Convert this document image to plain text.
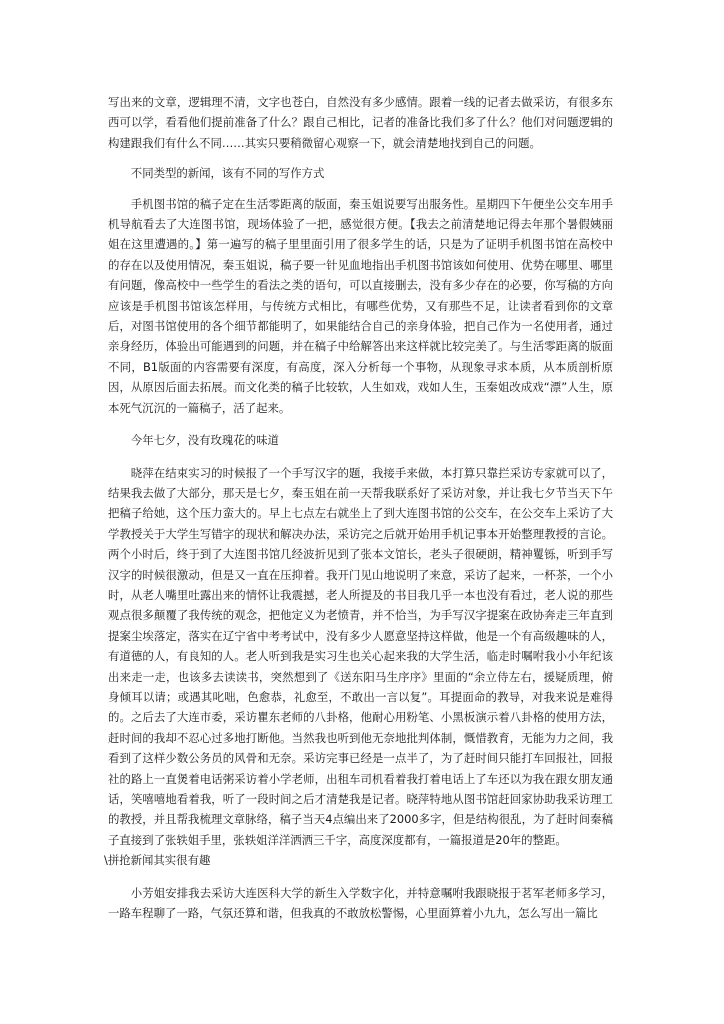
写出来的文章，逻辑理不清，文字也苍白，自然没有多少感情。跟着一线的记者去做采访，有很多东西可以学，看看他们提前准备了什么？跟自己相比，记者的准备比我们多了什么？他们对问题逻辑的构建跟我们有什么不同……其实只要稍微留心观察一下，就会清楚地找到自己的问题。

不同类型的新闻，该有不同的写作方式

手机图书馆的稿子定在生活零距离的版面，秦玉姐说要写出服务性。星期四下午便坐公交车用手机导航看去了大连图书馆，现场体验了一把，感觉很方便。【我去之前清楚地记得去年那个暑假姨丽姐在这里遭遇的。】第一遍写的稿子里里面引用了很多学生的话，只是为了证明手机图书馆在高校中的存在以及使用情况，秦玉姐说，稿子要一针见血地指出手机图书馆该如何使用、优势在哪里、哪里有问题，像高校中一些学生的看法之类的语句，可以直接删去，没有多少存在的必要，你写稿的方向应该是手机图书馆该怎样用，与传统方式相比，有哪些优势，又有那些不足，让读者看到你的文章后，对图书馆使用的各个细节都能明了，如果能结合自己的亲身体验，把自己作为一名使用者，通过亲身经历，体验出可能遇到的问题，并在稿子中给解答出来这样就比较完美了。与生活零距离的版面不同，B1版面的内容需要有深度，有高度，深入分析每一个事物，从现象寻求本质，从本质剖析原因，从原因后面去拓展。而文化类的稿子比较软，人生如戏，戏如人生，玉秦姐改成戏“漂”人生，原本死气沉沉的一篇稿子，活了起来。

今年七夕，没有玫瑰花的味道

晓萍在结束实习的时候报了一个手写汉字的题，我接手来做，本打算只靠拦采访专家就可以了，结果我去做了大部分，那天是七夕，秦玉姐在前一天帮我联系好了采访对象，并让我七夕节当天下午把稿子给她，这个压力蛮大的。早上七点左右就坐上了到大连图书馆的公交车，在公交车上采访了大学教授关于大学生写错字的现状和解决办法，采访完之后就开始用手机记事本开始整理教授的言论。两个小时后，终于到了大连图书馆几经波折见到了张本文馆长，老头子很硬朗，精神矍铄，听到手写汉字的时候很激动，但是又一直在压抑着。我开门见山地说明了来意，采访了起来，一杯茶，一个小时，从老人嘴里吐露出来的情怀让我震撼，老人所提及的书目我几乎一本也没有看过，老人说的那些观点很多颠覆了我传统的观念，把他定义为老愤青，并不恰当，为手写汉字提案在政协奔走三年直到提案尘埃落定，落实在辽宁省中考考试中，没有多少人愿意坚持这样做，他是一个有高级趣味的人，有道德的人，有良知的人。老人听到我是实习生也关心起来我的大学生活，临走时嘱咐我小小年纪该出来走一走，也该多去读读书，突然想到了《送东阳马生序序》里面的“余立侍左右，援疑质理，俯身倾耳以请；或遇其叱咄，色愈恭，礼愈至，不敢出一言以复”。耳提面命的教导，对我来说是难得的。之后去了大连市委，采访瞿东老师的八卦格，他耐心用粉笔、小黑板演示着八卦格的使用方法，赶时间的我却不忍心过多地打断他。当然我也听到他无奈地批判体制，慨惜教育，无能为力之间，我看到了这样少数公务员的风骨和无奈。采访完事已经是一点半了，为了赶时间只能打车回报社，回报社的路上一直煲着电话粥采访着小学老师，出租车司机看着我打着电话上了车还以为我在跟女朋友通话，笑嘻嘻地看着我，听了一段时间之后才清楚我是记者。晓萍特地从图书馆赶回家协助我采访理工的教授，并且帮我梳理文章脉络，稿子当天4点编出来了2000多字，但是结构很乱，为了赶时间秦稿子直接到了张轶姐手里，张轶姐洋洋洒洒三千字，高度深度都有，一篇报道是20年的整距。

\拼抢新闻其实很有趣

小芳姐安排我去采访大连医科大学的新生入学数字化，并特意嘱咐我跟晓报于茗军老师多学习，一路车程聊了一路，气氛还算和谐，但我真的不敢放松警惕，心里面算着小九九，怎么写出一篇比
